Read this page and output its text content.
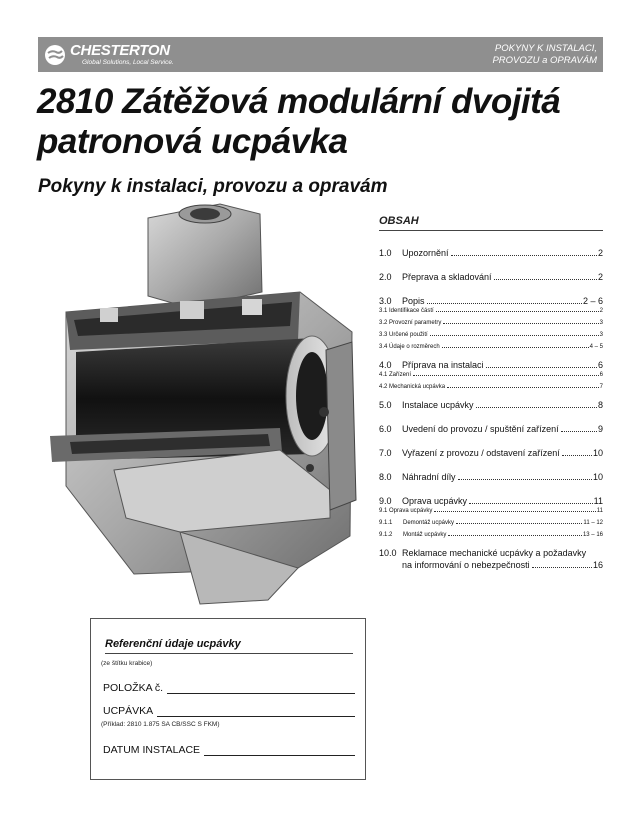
CHESTERTON
Global Solutions, Local Service.
POKYNY K INSTALACI,
PROVOZU a OPRAVÁM
2810 Zátěžová modulární dvojitá
patronová ucpávka
Pokyny k instalaci, provozu a opravám
OBSAH
1.0	Upozornění	2
2.0	Přeprava a skladování	2
3.0	Popis	2 – 6
3.1 Identifikace částí	2
3.2 Provozní parametry	3
3.3 Určené použití	3
3.4 Údaje o rozměrech	4 – 5
4.0	Příprava na instalaci	6
4.1 Zařízení	6
4.2 Mechanická ucpávka	7
5.0	Instalace ucpávky	8
6.0	Uvedení do provozu / spuštění zařízení	9
7.0	Vyřazení z provozu / odstavení zařízení	10
8.0	Náhradní díly	10
9.0	Oprava ucpávky	11
9.1 Oprava ucpávky	11
9.1.1	Demontáž ucpávky	11 – 12
9.1.2	Montáž ucpávky	13 – 16
10.0 Reklamace mechanické ucpávky a požadavky
na informování o nebezpečnosti	16
Referenční údaje ucpávky
(ze štítku krabice)
POLOŽKA č.
UCPÁVKA
(Příklad: 2810 1.875 SA CB/SSC S FKM)
DATUM INSTALACE
